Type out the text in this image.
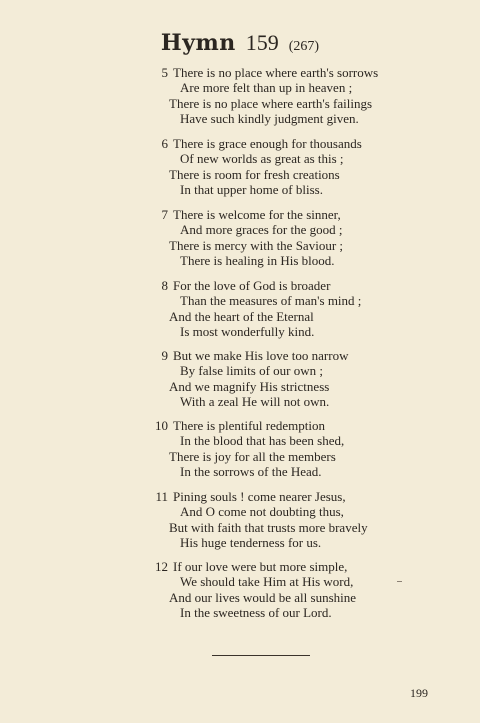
Hymn 159 (267)
5 There is no place where earth's sorrows
Are more felt than up in heaven ;
There is no place where earth's failings
Have such kindly judgment given.
6 There is grace enough for thousands
Of new worlds as great as this ;
There is room for fresh creations
In that upper home of bliss.
7 There is welcome for the sinner,
And more graces for the good ;
There is mercy with the Saviour ;
There is healing in His blood.
8 For the love of God is broader
Than the measures of man's mind ;
And the heart of the Eternal
Is most wonderfully kind.
9 But we make His love too narrow
By false limits of our own ;
And we magnify His strictness
With a zeal He will not own.
10 There is plentiful redemption
In the blood that has been shed,
There is joy for all the members
In the sorrows of the Head.
11 Pining souls ! come nearer Jesus,
And O come not doubting thus,
But with faith that trusts more bravely
His huge tenderness for us.
12 If our love were but more simple,
We should take Him at His word,
And our lives would be all sunshine
In the sweetness of our Lord.
199
